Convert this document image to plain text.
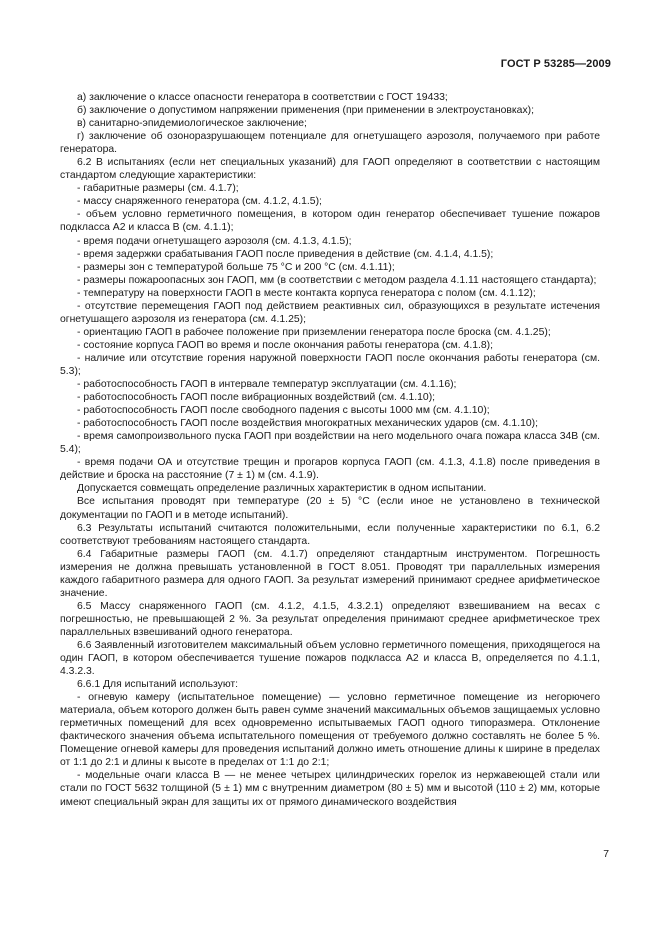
ГОСТ Р 53285—2009

а) заключение о классе опасности генератора в соответствии с ГОСТ 19433;

б) заключение о допустимом напряжении применения (при применении в электроустановках);

в) санитарно-эпидемиологическое заключение;

г) заключение об озоноразрушающем потенциале для огнетушащего аэрозоля, получаемого при работе генератора.

6.2 В испытаниях (если нет специальных указаний) для ГАОП определяют в соответствии с настоящим стандартом следующие характеристики:

- габаритные размеры (см. 4.1.7);

- массу снаряженного генератора (см. 4.1.2, 4.1.5);

- объем условно герметичного помещения, в котором один генератор обеспечивает тушение пожаров подкласса А2 и класса В (см. 4.1.1);

- время подачи огнетушащего аэрозоля (см. 4.1.3, 4.1.5);

- время задержки срабатывания ГАОП после приведения в действие (см. 4.1.4, 4.1.5);

- размеры зон с температурой больше 75 °С и 200 °С (см. 4.1.11);

- размеры пожароопасных зон ГАОП, мм (в соответствии с методом раздела 4.1.11 настоящего стандарта);

- температуру на поверхности ГАОП в месте контакта корпуса генератора с полом (см. 4.1.12);

- отсутствие перемещения ГАОП под действием реактивных сил, образующихся в результате истечения огнетушащего аэрозоля из генератора (см. 4.1.25);

- ориентацию ГАОП в рабочее положение при приземлении генератора после броска (см. 4.1.25);

- состояние корпуса ГАОП во время и после окончания работы генератора (см. 4.1.8);

- наличие или отсутствие горения наружной поверхности ГАОП после окончания работы генератора (см. 5.3);

- работоспособность ГАОП в интервале температур эксплуатации (см. 4.1.16);

- работоспособность ГАОП после вибрационных воздействий (см. 4.1.10);

- работоспособность ГАОП после свободного падения с высоты 1000 мм (см. 4.1.10);

- работоспособность ГАОП после воздействия многократных механических ударов (см. 4.1.10);

- время самопроизвольного пуска ГАОП при воздействии на него модельного очага пожара класса 34В (см. 5.4);

- время подачи ОА и отсутствие трещин и прогаров корпуса ГАОП (см. 4.1.3, 4.1.8) после приведения в действие и броска на расстояние (7 ± 1) м (см. 4.1.9).

Допускается совмещать определение различных характеристик в одном испытании.

Все испытания проводят при температуре (20 ± 5) °С (если иное не установлено в технической документации по ГАОП и в методе испытаний).

6.3 Результаты испытаний считаются положительными, если полученные характеристики по 6.1, 6.2 соответствуют требованиям настоящего стандарта.

6.4 Габаритные размеры ГАОП (см. 4.1.7) определяют стандартным инструментом. Погрешность измерения не должна превышать установленной в ГОСТ 8.051. Проводят три параллельных измерения каждого габаритного размера для одного ГАОП. За результат измерений принимают среднее арифметическое значение.

6.5 Массу снаряженного ГАОП (см. 4.1.2, 4.1.5, 4.3.2.1) определяют взвешиванием на весах с погрешностью, не превышающей 2 %. За результат определения принимают среднее арифметическое трех параллельных взвешиваний одного генератора.

6.6 Заявленный изготовителем максимальный объем условно герметичного помещения, приходящегося на один ГАОП, в котором обеспечивается тушение пожаров подкласса А2 и класса В, определяется по 4.1.1, 4.3.2.3.

6.6.1 Для испытаний используют:

- огневую камеру (испытательное помещение) — условно герметичное помещение из негорючего материала, объем которого должен быть равен сумме значений максимальных объемов защищаемых условно герметичных помещений для всех одновременно испытываемых ГАОП одного типоразмера. Отклонение фактического значения объема испытательного помещения от требуемого должно составлять не более 5 %. Помещение огневой камеры для проведения испытаний должно иметь отношение длины к ширине в пределах от 1:1 до 2:1 и длины к высоте в пределах от 1:1 до 2:1;

- модельные очаги класса В — не менее четырех цилиндрических горелок из нержавеющей стали или стали по ГОСТ 5632 толщиной (5 ± 1) мм с внутренним диаметром (80 ± 5) мм и высотой (110 ± 2) мм, которые имеют специальный экран для защиты их от прямого динамического воздействия

7
